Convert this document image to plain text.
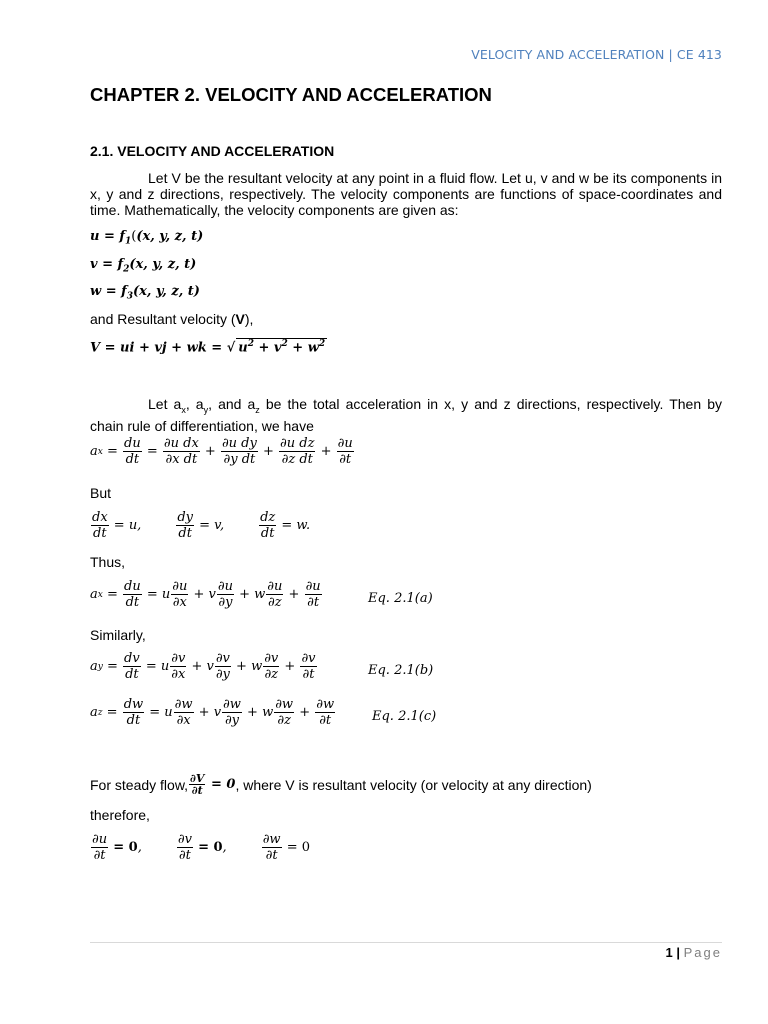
VELOCITY AND ACCELERATION | CE 413
CHAPTER 2. VELOCITY AND ACCELERATION
2.1. VELOCITY AND ACCELERATION
Let V be the resultant velocity at any point in a fluid flow. Let u, v and w be its components in x, y and z directions, respectively. The velocity components are functions of space-coordinates and time. Mathematically, the velocity components are given as:
$u = f_1((x$, y, z, t)
$v = f_2(x$, y, z, t)
$w = f_3(x$, y, z, t)
and Resultant velocity (V),
V = ui + vj + wk = √ $u^2 + v^2 + w^2$
Let $a_x$, $a_y$, and $a_z$ be the total acceleration in x, y and z directions, respectively. Then by chain rule of differentiation, we have
a $x = \frac{du}{dt} = \frac{\text{∂u dx}}{\text{∂x dt}} + \frac{\text{∂u dy}}{\text{∂y dt}} + \frac{\text{∂u dz}}{\text{∂z dt}} + \frac{\partial u}{\partial t}$
But
$\frac{dx}{dt} = u$,	$\frac{dy}{dt} = v$,	$\frac{dz}{dt} = w$.
Thus,
a $x = \frac{du}{dt} = u \frac{\partial u}{\partial x} + v \frac{\partial u}{\partial y} + w \frac{\partial u}{\partial z} + \frac{\partial u}{\partial t}$	Eq. 2.1(a)
Similarly,
a $y = \frac{dv}{dt} = u \frac{\partial v}{\partial x} + v \frac{\partial v}{\partial y} + w \frac{\partial v}{\partial z} + \frac{\partial v}{\partial t}$	Eq. 2.1(b)
a $z = \frac{dw}{dt} = u \frac{\partial w}{\partial x} + v \frac{\partial w}{\partial y} + w \frac{\partial w}{\partial z} + \frac{\partial w}{\partial t}$	Eq. 2.1(c)
For steady flow, $\frac{\partial V}{\partial t} = 0$ , where V is resultant velocity (or velocity at any direction)
therefore,
$\frac{\partial u}{\partial t}$
= 0 ,	$\frac{\partial v}{\partial t}$
= 0 ,	$\frac{\partial w}{\partial t}$
= 0
1 | Page
